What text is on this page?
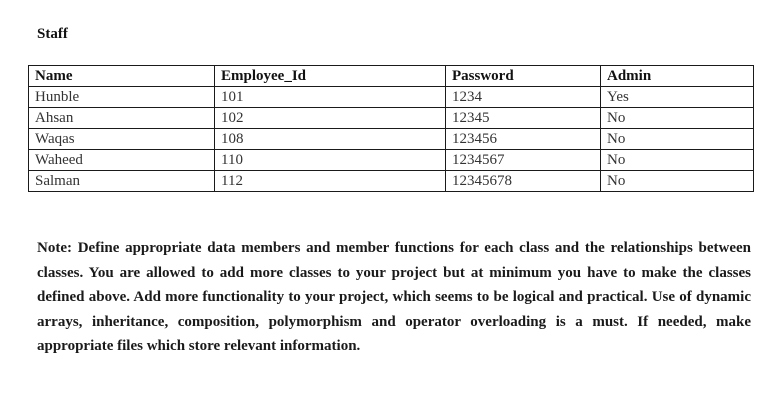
Staff
Name	Employee_Id	Password	Admin
Hunble	101	1234	Yes
Ahsan	102	12345	No
Waqas	108	123456	No
Waheed	110	1234567	No
Salman	112	12345678	No

Note: Define appropriate data members and member functions for each class and the relationships between classes. You are allowed to add more classes to your project but at minimum you have to make the classes defined above. Add more functionality to your project, which seems to be logical and practical. Use of dynamic arrays, inheritance, composition, polymorphism and operator overloading is a must. If needed, make appropriate files which store relevant information.
